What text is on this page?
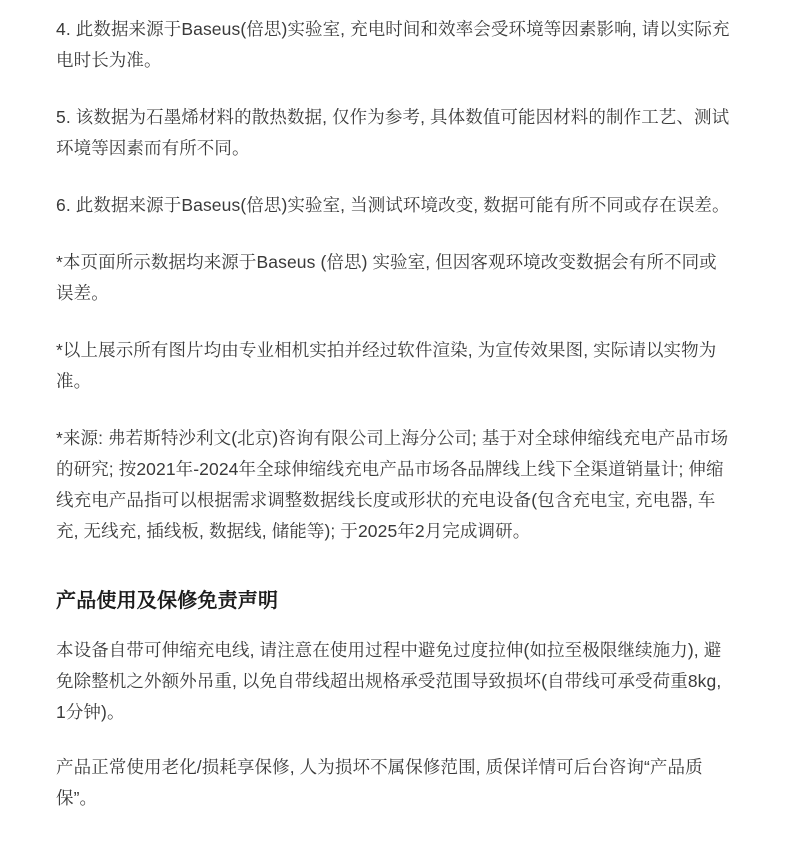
4. 此数据来源于Baseus(倍思)实验室, 充电时间和效率会受环境等因素影响, 请以实际充电时长为准。

5. 该数据为石墨烯材料的散热数据, 仅作为参考, 具体数值可能因材料的制作工艺、测试环境等因素而有所不同。

6. 此数据来源于Baseus(倍思)实验室, 当测试环境改变, 数据可能有所不同或存在误差。

*本页面所示数据均来源于Baseus (倍思) 实验室, 但因客观环境改变数据会有所不同或误差。

*以上展示所有图片均由专业相机实拍并经过软件渲染, 为宣传效果图, 实际请以实物为准。

*来源: 弗若斯特沙利文(北京)咨询有限公司上海分公司; 基于对全球伸缩线充电产品市场的研究; 按2021年-2024年全球伸缩线充电产品市场各品牌线上线下全渠道销量计; 伸缩线充电产品指可以根据需求调整数据线长度或形状的充电设备(包含充电宝, 充电器, 车充, 无线充, 插线板, 数据线, 储能等); 于2025年2月完成调研。

产品使用及保修免责声明

本设备自带可伸缩充电线, 请注意在使用过程中避免过度拉伸(如拉至极限继续施力), 避免除整机之外额外吊重, 以免自带线超出规格承受范围导致损坏(自带线可承受荷重8kg, 1分钟)。

产品正常使用老化/损耗享保修, 人为损坏不属保修范围, 质保详情可后台咨询“产品质保”。
